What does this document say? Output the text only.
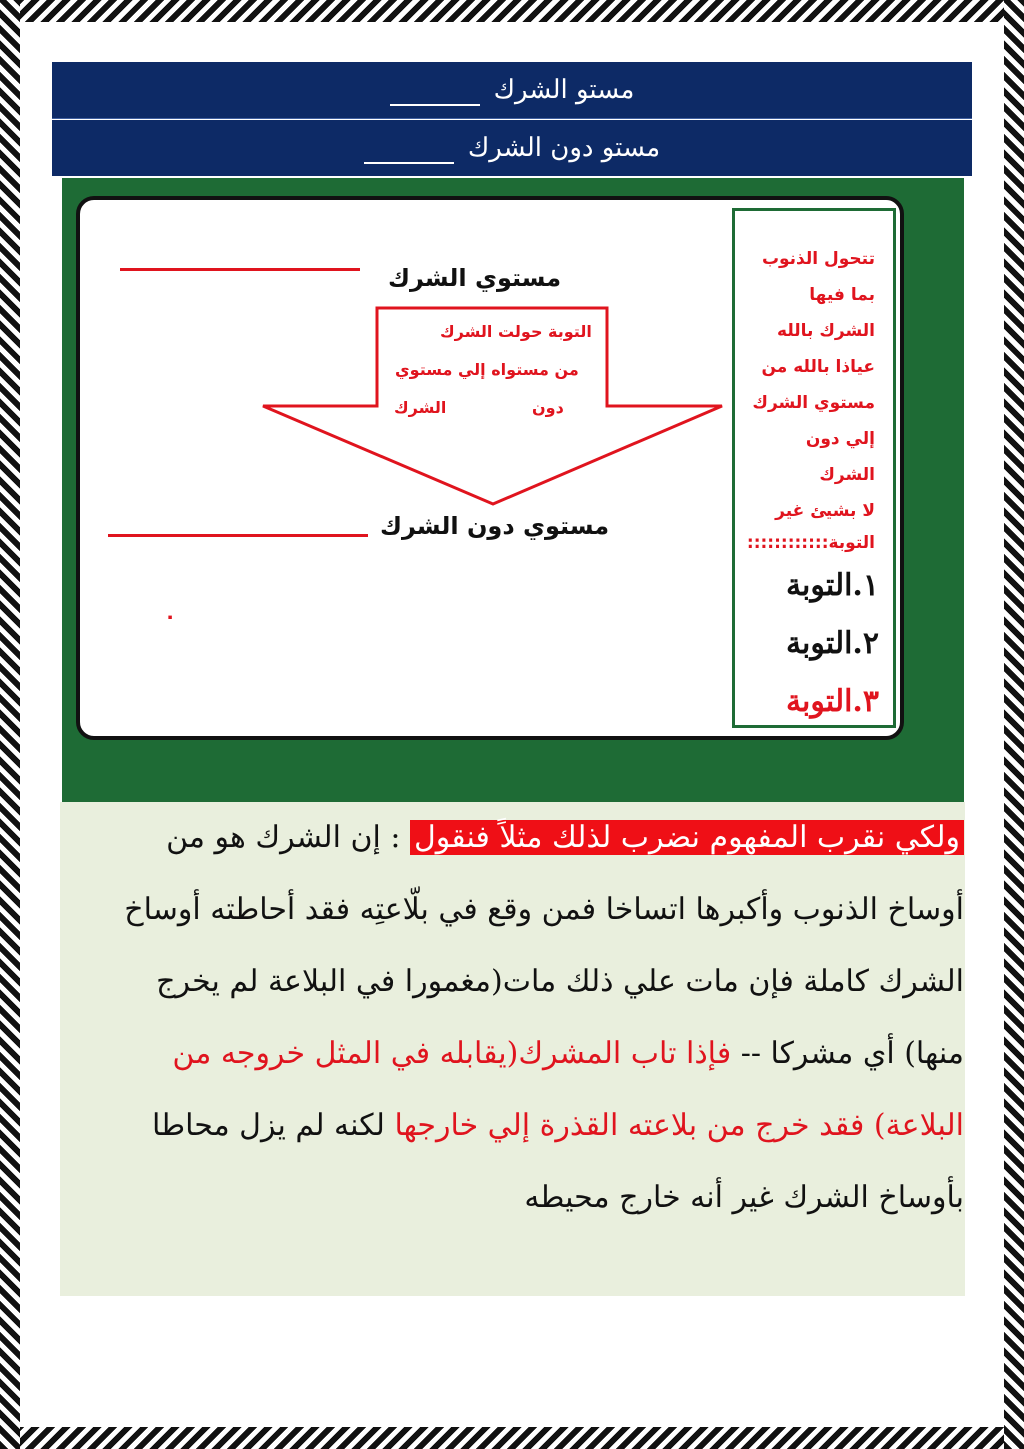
مستو الشرك
مستو دون الشرك
مستوي الشرك
التوبة حولت الشرك
من مستواه إلي مستوي
دون الشرك
مستوي دون الشرك
٠
تتحول الذنوب
بما فيها
الشرك بالله
عياذا بالله من
مستوي الشرك
إلي دون الشرك
لا بشيئ غير
التوبة::::::::::::
١.التوبة
٢.التوبة
٣.التوبة
ولكي نقرب المفهوم نضرب لذلك مثلاً فنقول : إن الشرك هو من أوساخ الذنوب وأكبرها اتساخا فمن وقع في بلّاعتِه فقد أحاطته أوساخ الشرك كاملة فإن مات علي ذلك مات(مغمورا في البلاعة لم يخرج منها) أي مشركا -- فإذا تاب المشرك(يقابله في المثل خروجه من البلاعة) فقد خرج من بلاعته القذرة إلي خارجها لكنه لم يزل محاطا بأوساخ الشرك غير أنه خارج محيطه
